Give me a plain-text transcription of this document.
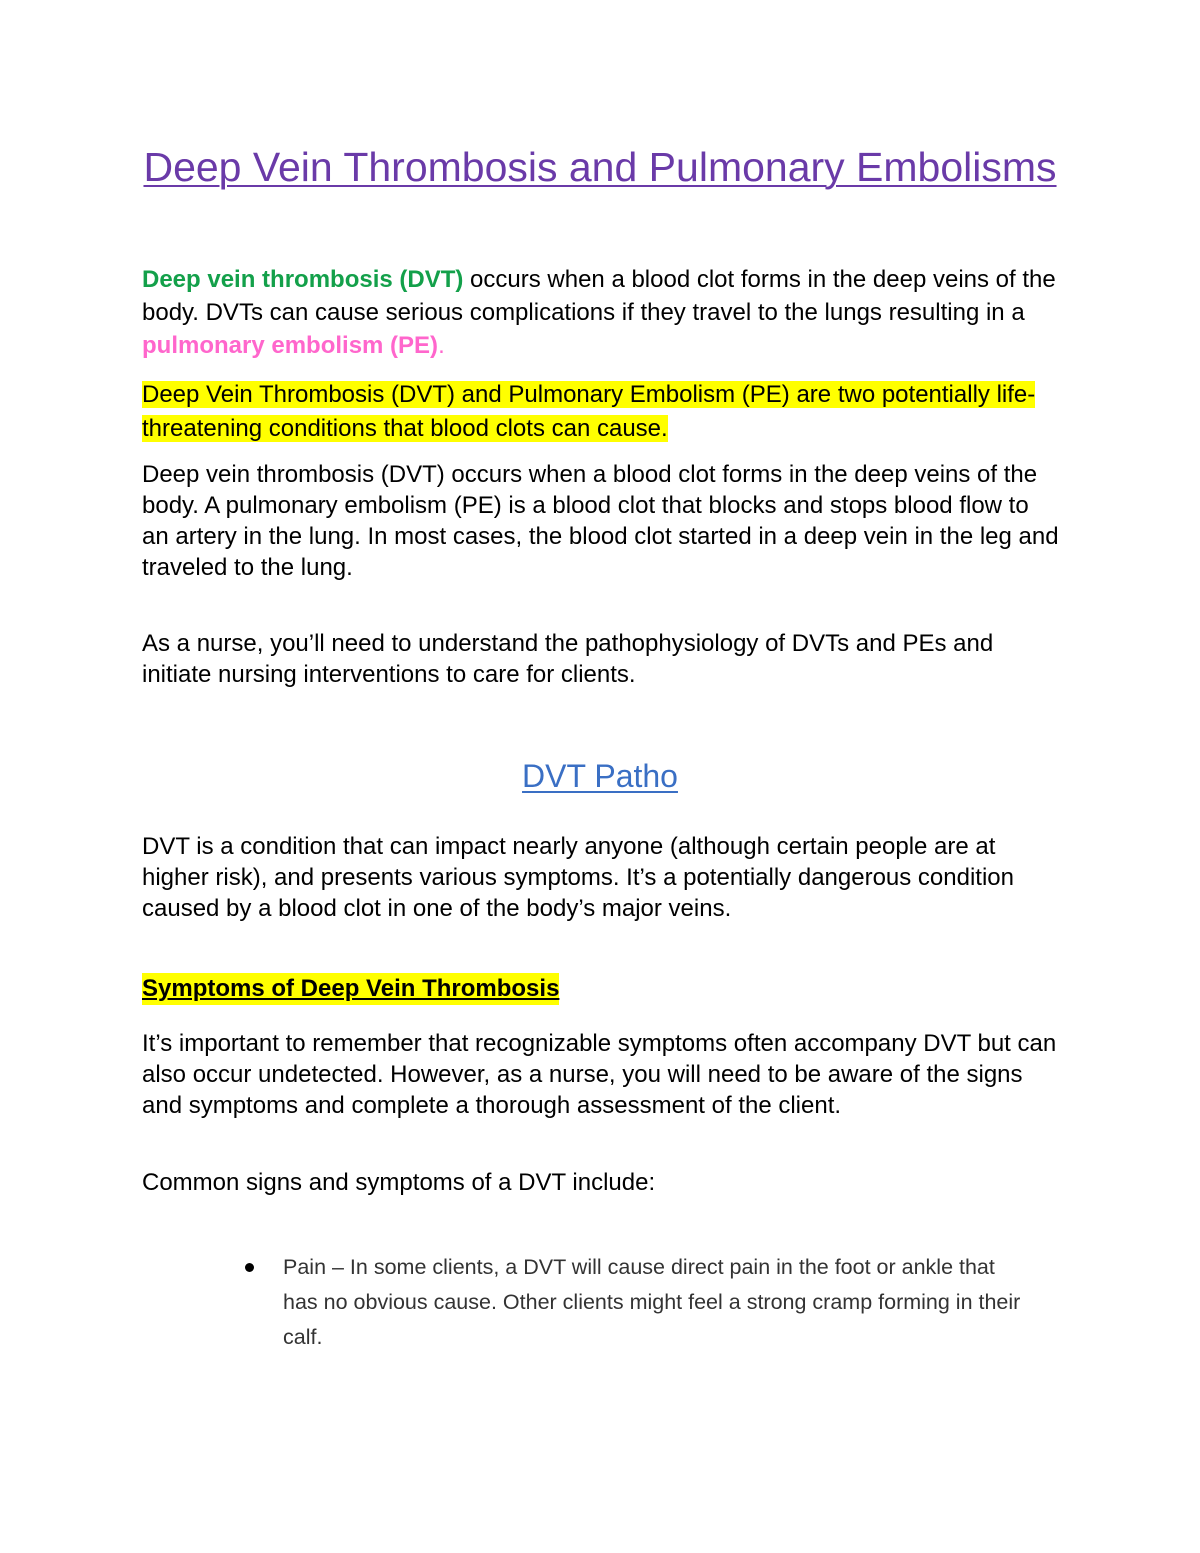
Deep Vein Thrombosis and Pulmonary Embolisms
Deep vein thrombosis (DVT) occurs when a blood clot forms in the deep veins of the body. DVTs can cause serious complications if they travel to the lungs resulting in a pulmonary embolism (PE).
Deep Vein Thrombosis (DVT) and Pulmonary Embolism (PE) are two potentially life-threatening conditions that blood clots can cause.
Deep vein thrombosis (DVT) occurs when a blood clot forms in the deep veins of the body. A pulmonary embolism (PE) is a blood clot that blocks and stops blood flow to an artery in the lung. In most cases, the blood clot started in a deep vein in the leg and traveled to the lung.
As a nurse, you’ll need to understand the pathophysiology of DVTs and PEs and initiate nursing interventions to care for clients.
DVT Patho
DVT is a condition that can impact nearly anyone (although certain people are at higher risk), and presents various symptoms. It’s a potentially dangerous condition caused by a blood clot in one of the body’s major veins.
Symptoms of Deep Vein Thrombosis
It’s important to remember that recognizable symptoms often accompany DVT but can also occur undetected. However, as a nurse, you will need to be aware of the signs and symptoms and complete a thorough assessment of the client.
Common signs and symptoms of a DVT include:
Pain – In some clients, a DVT will cause direct pain in the foot or ankle that has no obvious cause. Other clients might feel a strong cramp forming in their calf.
